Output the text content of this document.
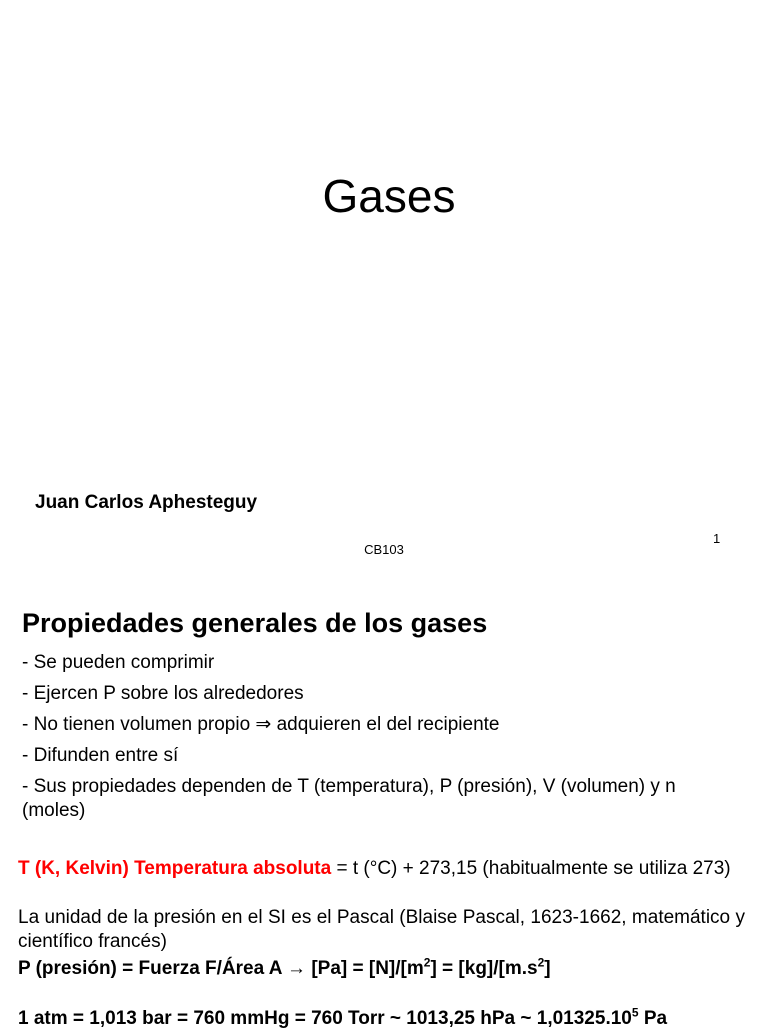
Gases
Juan Carlos Aphesteguy
1
CB103
Propiedades generales de los gases
- Se pueden comprimir
- Ejercen P sobre los alrededores
- No tienen volumen propio ⇒ adquieren el del recipiente
- Difunden entre sí
- Sus propiedades dependen de T (temperatura), P (presión), V (volumen) y n (moles)

T (K, Kelvin) Temperatura absoluta = t (°C) + 273,15 (habitualmente se utiliza 273)

La unidad de la presión en el SI es el Pascal (Blaise Pascal, 1623-1662, matemático y científico francés)

P (presión) = Fuerza F/Área $A \to [Pa] = [N]/[m^2] = [kg]/[m.s^2]$

1 atm = 1,013 bar = 760 mmHg = 760 Torr ~ 1013,25 hPa ~ 1,01325.10$^5$ Pa
